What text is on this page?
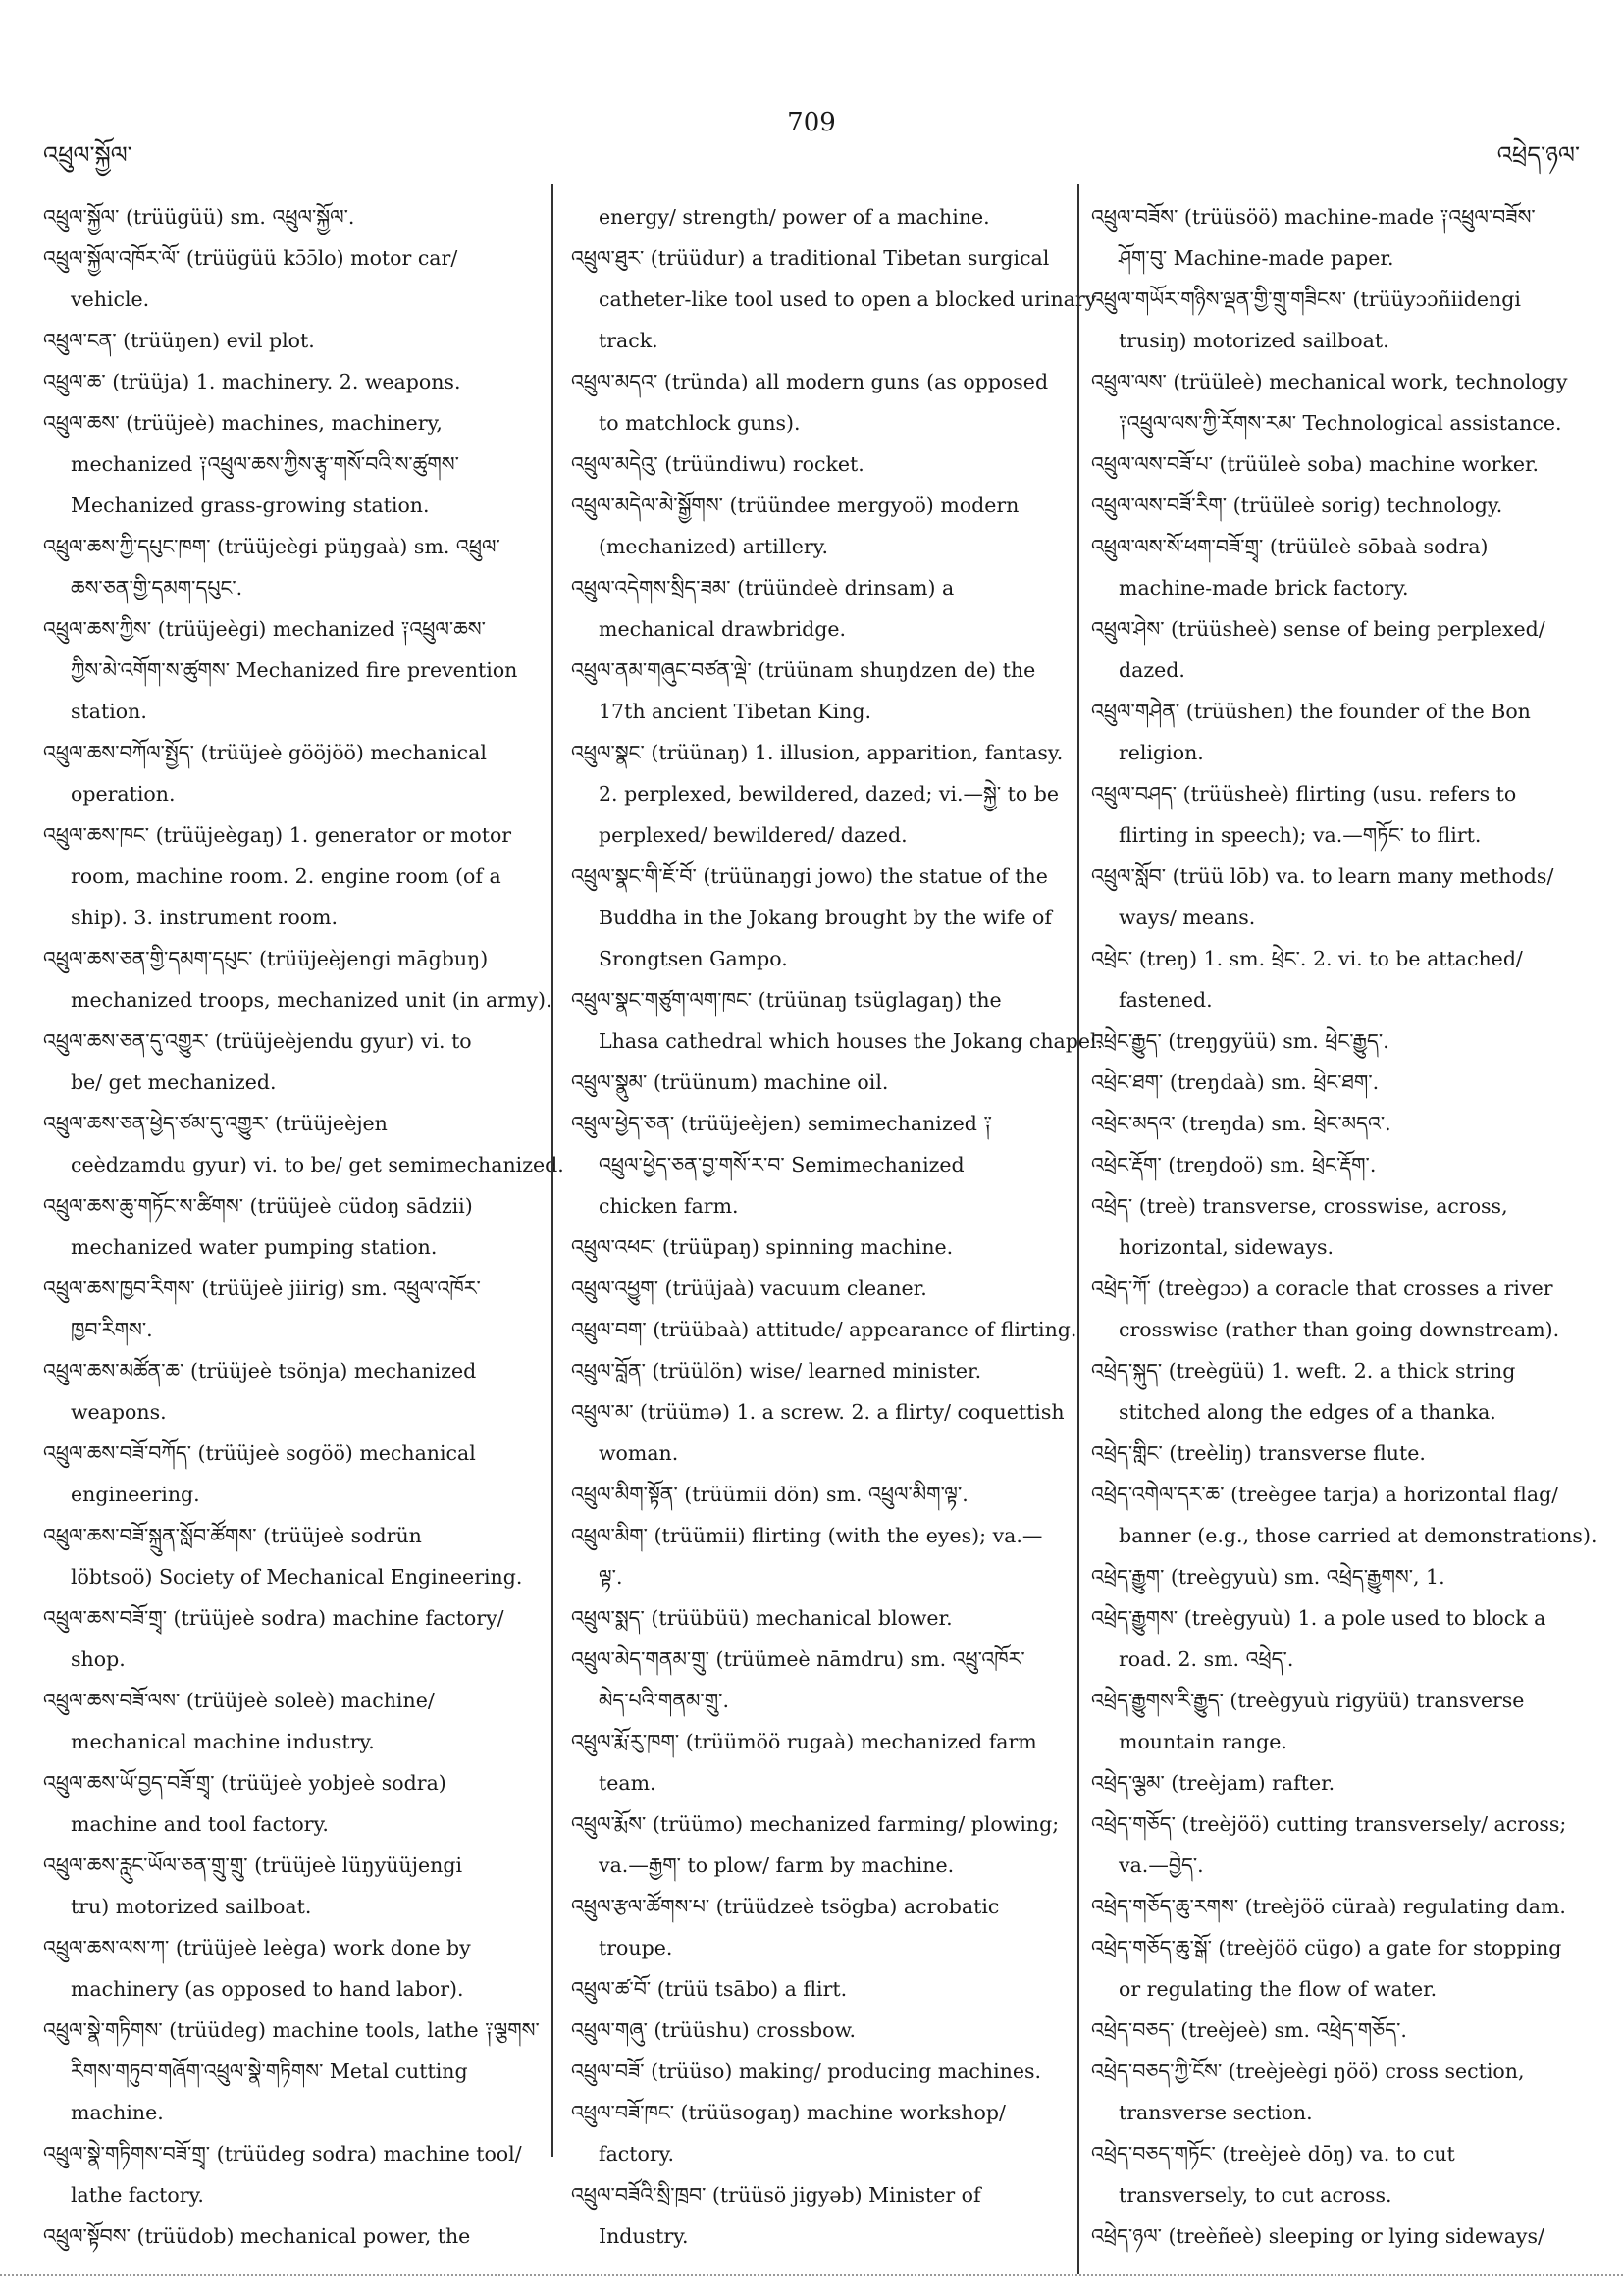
འཕྲུལ་སྐྱོལ་
709
འཕྲེད་ཉལ་
འཕྲུལ་སྐྱོལ་ (trüügüü) sm. འཕྲུལ་སྐྱོལ་.
འཕྲུལ་སྐྱོལ་འཁོར་ལོ་ (trüügüü kɔ̄ɔ̄lo) motor car/
vehicle.
འཕྲུལ་ངན་ (trüüŋen) evil plot.
འཕྲུལ་ཆ་ (trüüja) 1. machinery. 2. weapons.
འཕྲུལ་ཆས་ (trüüjeè) machines, machinery,
mechanized ༑འཕྲུལ་ཆས་ཀྱིས་རྩྭ་གསོ་བའི་ས་ཚུགས་
Mechanized grass-growing station.
འཕྲུལ་ཆས་ཀྱི་དཔུང་ཁག་ (trüüjeègi püŋgaà) sm. འཕྲུལ་
ཆས་ཅན་གྱི་དམག་དཔུང་.
འཕྲུལ་ཆས་ཀྱིས་ (trüüjeègi) mechanized ༑འཕྲུལ་ཆས་
ཀྱིས་མེ་འགོག་ས་ཚུགས་ Mechanized fire prevention
station.
འཕྲུལ་ཆས་བཀོལ་སྤྱོད་ (trüüjeè gööjöö) mechanical
operation.
འཕྲུལ་ཆས་ཁང་ (trüüjeègaŋ) 1. generator or motor
room, machine room. 2. engine room (of a
ship). 3. instrument room.
འཕྲུལ་ཆས་ཅན་གྱི་དམག་དཔུང་ (trüüjeèjengi māgbuŋ)
mechanized troops, mechanized unit (in army).
འཕྲུལ་ཆས་ཅན་དུ་འགྱུར་ (trüüjeèjendu gyur) vi. to
be/ get mechanized.
འཕྲུལ་ཆས་ཅན་ཕྱེད་ཙམ་དུ་འགྱུར་ (trüüjeèjen
ceèdzamdu gyur) vi. to be/ get semimechanized.
འཕྲུལ་ཆས་ཆུ་གཏོང་ས་ཚིགས་ (trüüjeè cüdoŋ sādzii)
mechanized water pumping station.
འཕྲུལ་ཆས་ཁྱབ་རིགས་ (trüüjeè jiirig) sm. འཕྲུལ་འཁོར་
ཁྱབ་རིགས་.
འཕྲུལ་ཆས་མཚོན་ཆ་ (trüüjeè tsönja) mechanized
weapons.
འཕྲུལ་ཆས་བཟོ་བཀོད་ (trüüjeè sogöö) mechanical
engineering.
འཕྲུལ་ཆས་བཟོ་སྐྲུན་སློབ་ཚོགས་ (trüüjeè sodrün
löbtsoö) Society of Mechanical Engineering.
འཕྲུལ་ཆས་བཟོ་གྲྭ་ (trüüjeè sodra) machine factory/
shop.
འཕྲུལ་ཆས་བཟོ་ལས་ (trüüjeè soleè) machine/
mechanical machine industry.
འཕྲུལ་ཆས་ཡོ་བྱད་བཟོ་གྲྭ་ (trüüjeè yobjeè sodra)
machine and tool factory.
འཕྲུལ་ཆས་རླུང་ཡོལ་ཅན་གྲུ་གྲུ་ (trüüjeè lüŋyüüjengi
tru) motorized sailboat.
འཕྲུལ་ཆས་ལས་ཀ་ (trüüjeè leèga) work done by
machinery (as opposed to hand labor).
འཕྲུལ་སྣེ་གཏིགས་ (trüüdeg) machine tools, lathe ༑ལྕགས་
རིགས་གཏུབ་གཞོག་འཕྲུལ་སྣེ་གཏིགས་ Metal cutting
machine.
འཕྲུལ་སྣེ་གཏིགས་བཟོ་གྲྭ་ (trüüdeg sodra) machine tool/
lathe factory.
འཕྲུལ་སྟོབས་ (trüüdob) mechanical power, the
energy/ strength/ power of a machine.
འཕྲུལ་ཐུར་ (trüüdur) a traditional Tibetan surgical
catheter-like tool used to open a blocked urinary
track.
འཕྲུལ་མདའ་ (tründa) all modern guns (as opposed
to matchlock guns).
འཕྲུལ་མདེའུ་ (trüündiwu) rocket.
འཕྲུལ་མདེལ་མེ་སྒྱོགས་ (trüündee mergyoö) modern
(mechanized) artillery.
འཕྲུལ་འདེགས་སྲིད་ཟམ་ (trüündeè drinsam) a
mechanical drawbridge.
འཕྲུལ་ནམ་གཞུང་བཙན་ལྡེ་ (trüünam shuŋdzen de) the
17th ancient Tibetan King.
འཕྲུལ་སྣང་ (trüünaŋ) 1. illusion, apparition, fantasy.
2. perplexed, bewildered, dazed; vi.—སྐྱེ་ to be
perplexed/ bewildered/ dazed.
འཕྲུལ་སྣང་གི་ཇོ་བོ་ (trüünaŋgi jowo) the statue of the
Buddha in the Jokang brought by the wife of
Srongtsen Gampo.
འཕྲུལ་སྣང་གཙུག་ལག་ཁང་ (trüünaŋ tsüglagaŋ) the
Lhasa cathedral which houses the Jokang chapel.
འཕྲུལ་སྣུམ་ (trüünum) machine oil.
འཕྲུལ་ཕྱེད་ཅན་ (trüüjeèjen) semimechanized ༑
འཕྲུལ་ཕྱེད་ཅན་བྱ་གསོ་ར་བ་ Semimechanized
chicken farm.
འཕྲུལ་འཕང་ (trüüpaŋ) spinning machine.
འཕྲུལ་འཕྱུག་ (trüüjaà) vacuum cleaner.
འཕྲུལ་བག་ (trüübaà) attitude/ appearance of flirting.
འཕྲུལ་བློན་ (trüülön) wise/ learned minister.
འཕྲུལ་མ་ (trüümə) 1. a screw. 2. a flirty/ coquettish
woman.
འཕྲུལ་མིག་སྟོན་ (trüümii dön) sm. འཕྲུལ་མིག་ལྟ་.
འཕྲུལ་མིག་ (trüümii) flirting (with the eyes); va.—
ལྟ་.
འཕྲུལ་སྨད་ (trüübüü) mechanical blower.
འཕྲུལ་མེད་གནམ་གྲུ་ (trüümeè nāmdru) sm. འཕྲུ་འཁོར་
མེད་པའི་གནམ་གྲུ་.
འཕྲུལ་རྨོ་རུ་ཁག་ (trüümöö rugaà) mechanized farm
team.
འཕྲུལ་རྨོས་ (trüümo) mechanized farming/ plowing;
va.—རྒྱག་ to plow/ farm by machine.
འཕྲུལ་རྩལ་ཚོགས་པ་ (trüüdzeè tsögba) acrobatic
troupe.
འཕྲུལ་ཚ་བོ་ (trüü tsābo) a flirt.
འཕྲུལ་གཞུ་ (trüüshu) crossbow.
འཕྲུལ་བཟོ་ (trüüso) making/ producing machines.
འཕྲུལ་བཟོ་ཁང་ (trüüsogaŋ) machine workshop/
factory.
འཕྲུལ་བཟོའི་སྲི་ཁྲབ་ (trüüsö jigyəb) Minister of
Industry.
འཕྲུལ་བཟོས་ (trüüsöö) machine-made ༑འཕྲུལ་བཟོས་
ཤོག་བུ་ Machine-made paper.
འཕྲུལ་གཡོར་གཉིས་ལྡན་གྱི་གྲུ་གཟིངས་ (trüüyɔɔñiidengi
trusiŋ) motorized sailboat.
འཕྲུལ་ལས་ (trüüleè) mechanical work, technology
༑འཕྲུལ་ལས་ཀྱི་རོགས་རམ་ Technological assistance.
འཕྲུལ་ལས་བཟོ་པ་ (trüüleè soba) machine worker.
འཕྲུལ་ལས་བཟོ་རིག་ (trüüleè sorig) technology.
འཕྲུལ་ལས་སོ་ཕག་བཟོ་གྲྭ་ (trüüleè sōbaà sodra)
machine-made brick factory.
འཕྲུལ་ཤེས་ (trüüsheè) sense of being perplexed/
dazed.
འཕྲུལ་གཤེན་ (trüüshen) the founder of the Bon
religion.
འཕྲུལ་བཤད་ (trüüsheè) flirting (usu. refers to
flirting in speech); va.—གཏོང་ to flirt.
འཕྲུལ་སློབ་ (trüü lōb) va. to learn many methods/
ways/ means.
འཕྲེང་ (treŋ) 1. sm. ཕྲེང་. 2. vi. to be attached/
fastened.
འཕྲེང་རྒྱུད་ (treŋgyüü) sm. ཕྲེང་རྒྱུད་.
འཕྲེང་ཐག་ (treŋdaà) sm. ཕྲེང་ཐག་.
འཕྲེང་མདའ་ (treŋda) sm. ཕྲེང་མདའ་.
འཕྲེང་རྡོག་ (treŋdoö) sm. ཕྲེང་རྡོག་.
འཕྲེད་ (treè) transverse, crosswise, across,
horizontal, sideways.
འཕྲེད་ཀོ་ (treègɔɔ) a coracle that crosses a river
crosswise (rather than going downstream).
འཕྲེད་སྐུད་ (treègüü) 1. weft. 2. a thick string
stitched along the edges of a thanka.
འཕྲེད་གླིང་ (treèliŋ) transverse flute.
འཕྲེད་འགེལ་དར་ཆ་ (treègee tarja) a horizontal flag/
banner (e.g., those carried at demonstrations).
འཕྲེད་རྒྱུག་ (treègyuù) sm. འཕྲེད་རྒྱུགས་, 1.
འཕྲེད་རྒྱུགས་ (treègyuù) 1. a pole used to block a
road. 2. sm. འཕྲེད་.
འཕྲེད་རྒྱུགས་རི་རྒྱུད་ (treègyuù rigyüü) transverse
mountain range.
འཕྲེད་ལྕམ་ (treèjam) rafter.
འཕྲེད་གཅོད་ (treèjöö) cutting transversely/ across;
va.—བྱེད་.
འཕྲེད་གཅོད་ཆུ་རགས་ (treèjöö cüraà) regulating dam.
འཕྲེད་གཅོད་ཆུ་སྒོ་ (treèjöö cügo) a gate for stopping
or regulating the flow of water.
འཕྲེད་བཅད་ (treèjeè) sm. འཕྲེད་གཅོད་.
འཕྲེད་བཅད་ཀྱི་ངོས་ (treèjeègi ŋöö) cross section,
transverse section.
འཕྲེད་བཅད་གཏོང་ (treèjeè dōŋ) va. to cut
transversely, to cut across.
འཕྲེད་ཉལ་ (treèñeè) sleeping or lying sideways/
